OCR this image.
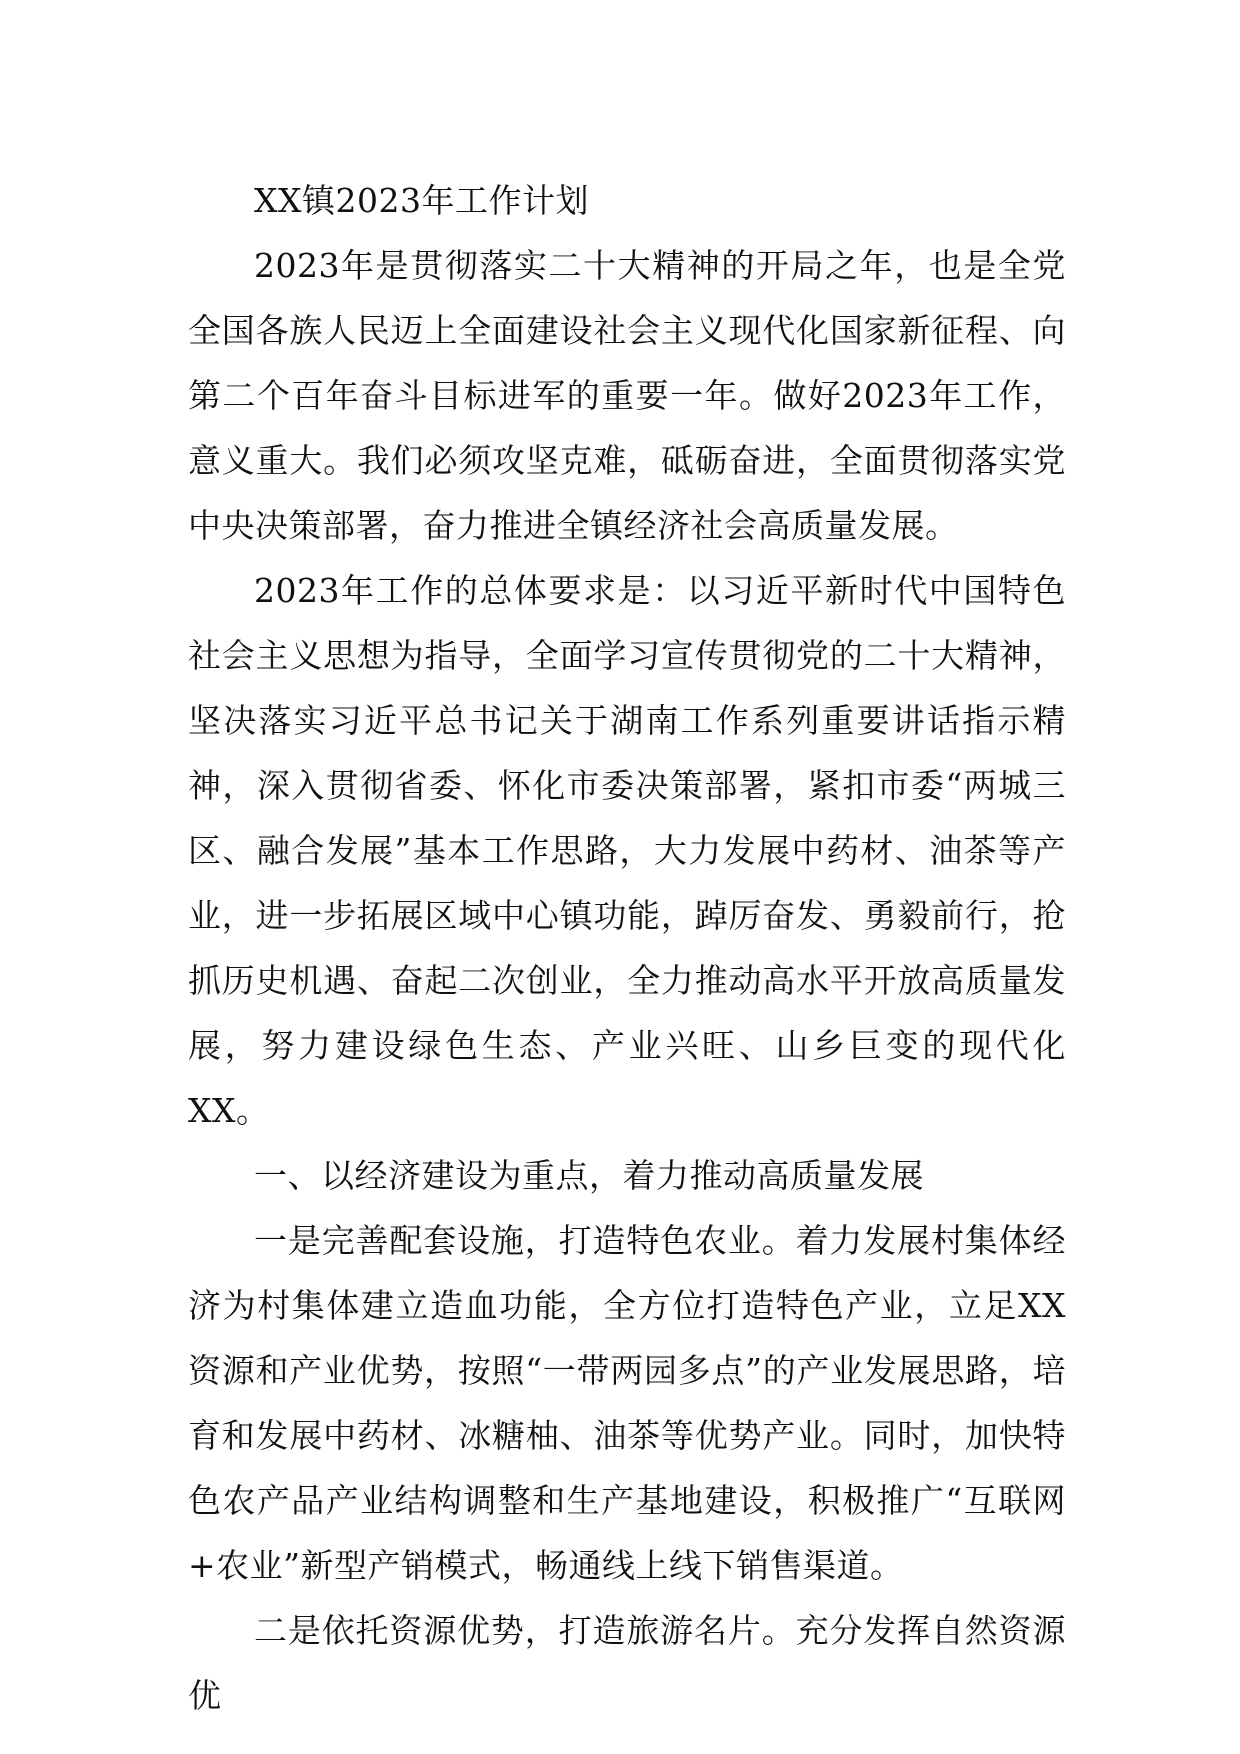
XX镇2023年工作计划

2023年是贯彻落实二十大精神的开局之年，也是全党全国各族人民迈上全面建设社会主义现代化国家新征程、向第二个百年奋斗目标进军的重要一年。做好2023年工作，意义重大。我们必须攻坚克难，砥砺奋进，全面贯彻落实党中央决策部署，奋力推进全镇经济社会高质量发展。

2023年工作的总体要求是：以习近平新时代中国特色社会主义思想为指导，全面学习宣传贯彻党的二十大精神，坚决落实习近平总书记关于湖南工作系列重要讲话指示精神，深入贯彻省委、怀化市委决策部署，紧扣市委“两城三区、融合发展”基本工作思路，大力发展中药材、油茶等产业，进一步拓展区域中心镇功能，踔厉奋发、勇毅前行，抢抓历史机遇、奋起二次创业，全力推动高水平开放高质量发展，努力建设绿色生态、产业兴旺、山乡巨变的现代化XX。

一、以经济建设为重点，着力推动高质量发展

一是完善配套设施，打造特色农业。着力发展村集体经济为村集体建立造血功能，全方位打造特色产业，立足XX资源和产业优势，按照“一带两园多点”的产业发展思路，培育和发展中药材、冰糖柚、油茶等优势产业。同时，加快特色农产品产业结构调整和生产基地建设，积极推广“互联网+农业”新型产销模式，畅通线上线下销售渠道。

二是依托资源优势，打造旅游名片。充分发挥自然资源优
